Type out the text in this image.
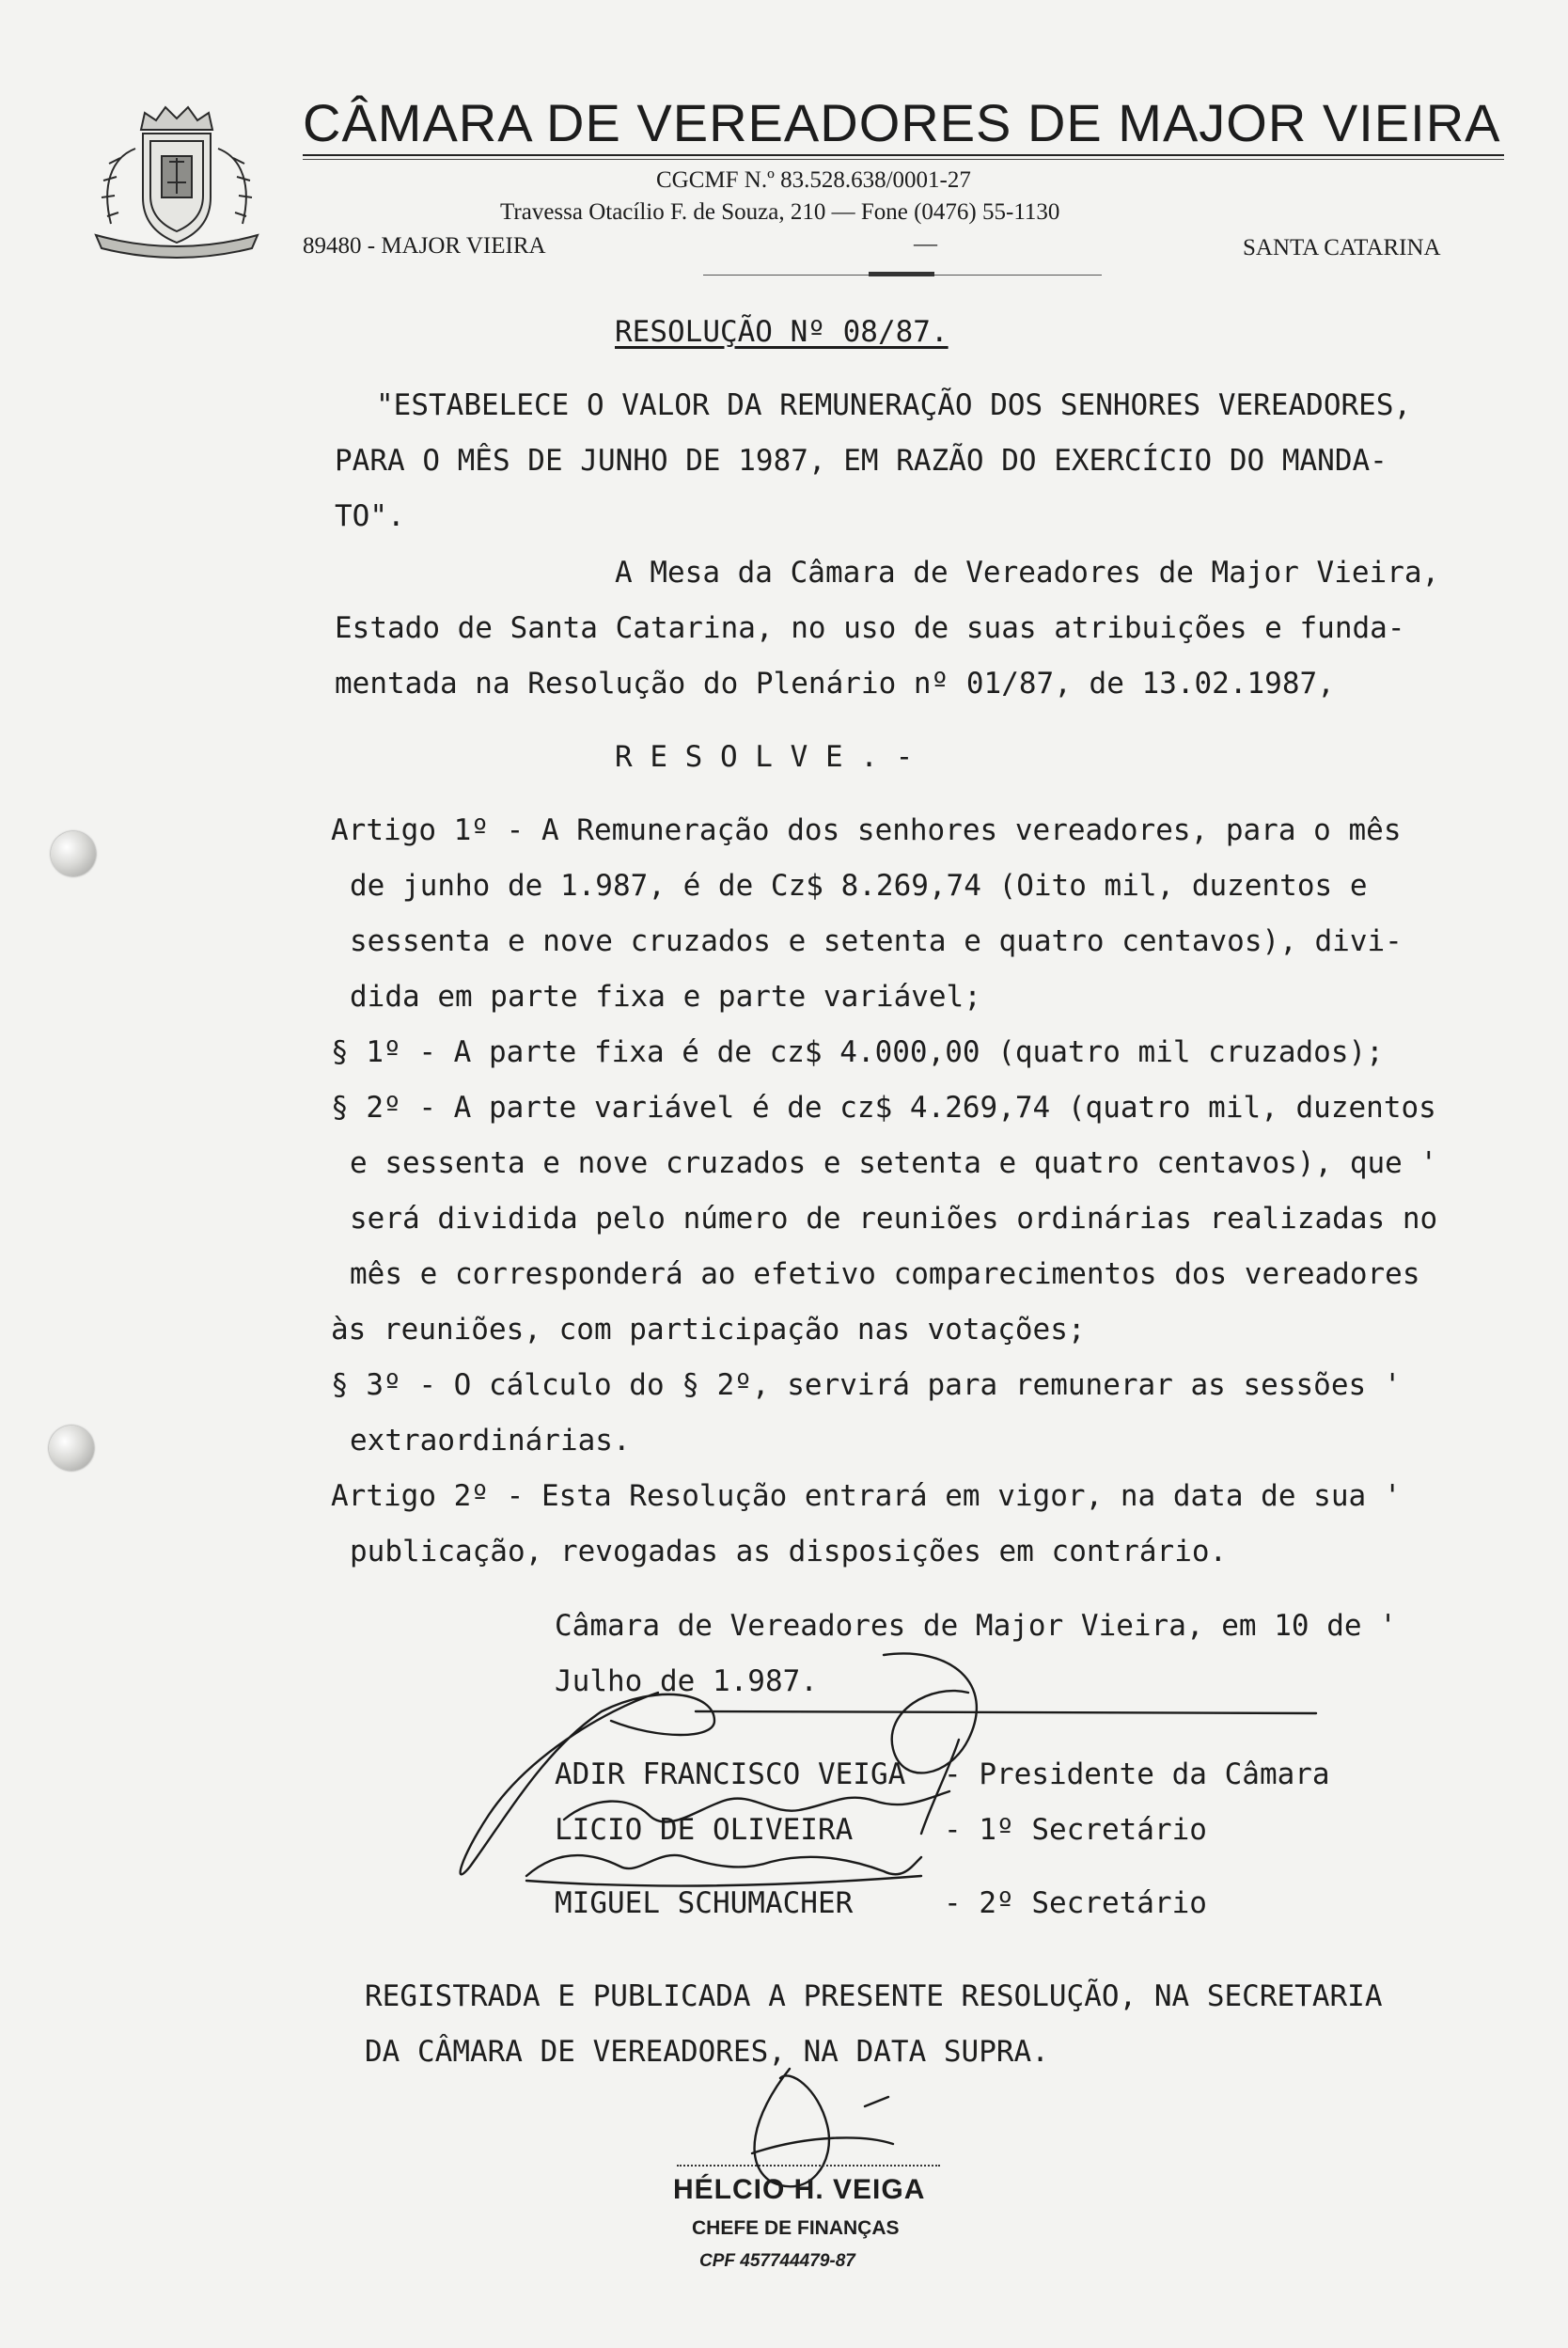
CÂMARA DE VEREADORES DE MAJOR VIEIRA
CGCMF N.º 83.528.638/0001-27
Travessa Otacílio F. de Souza, 210 — Fone (0476) 55-1130
89480 - MAJOR VIEIRA	—	SANTA CATARINA
RESOLUÇÃO Nº 08/87.
"ESTABELECE O VALOR DA REMUNERAÇÃO DOS SENHORES VEREADORES,
PARA O MÊS DE JUNHO DE 1987, EM RAZÃO DO EXERCÍCIO DO MANDA-
TO".
A Mesa da Câmara de Vereadores de Major Vieira,
Estado de Santa Catarina, no uso de suas atribuições e funda-
mentada na Resolução do Plenário nº 01/87, de 13.02.1987,
R E S O L V E . -
Artigo 1º - A Remuneração dos senhores vereadores, para o mês
de junho de 1.987, é de Cz$ 8.269,74 (Oito mil, duzentos e
sessenta e nove cruzados e setenta e quatro centavos), divi-
dida em parte fixa e parte variável;
§ 1º - A parte fixa é de cz$ 4.000,00 (quatro mil cruzados);
§ 2º - A parte variável é de cz$ 4.269,74 (quatro mil, duzentos
e sessenta e nove cruzados e setenta e quatro centavos), que '
será dividida pelo número de reuniões ordinárias realizadas no
mês e corresponderá ao efetivo comparecimentos dos vereadores
às reuniões, com participação nas votações;
§ 3º - O cálculo do § 2º, servirá para remunerar as sessões '
extraordinárias.
Artigo 2º - Esta Resolução entrará em vigor, na data de sua '
publicação, revogadas as disposições em contrário.
Câmara de Vereadores de Major Vieira, em 10 de '
Julho de 1.987.
ADIR FRANCISCO VEIGA - Presidente da Câmara
LICIO DE OLIVEIRA	- 1º Secretário
MIGUEL SCHUMACHER	- 2º Secretário
REGISTRADA E PUBLICADA A PRESENTE RESOLUÇÃO, NA SECRETARIA
DA CÂMARA DE VEREADORES, NA DATA SUPRA.
HÉLCIO H. VEIGA
CHEFE DE FINANÇAS
CPF 457744479-87
